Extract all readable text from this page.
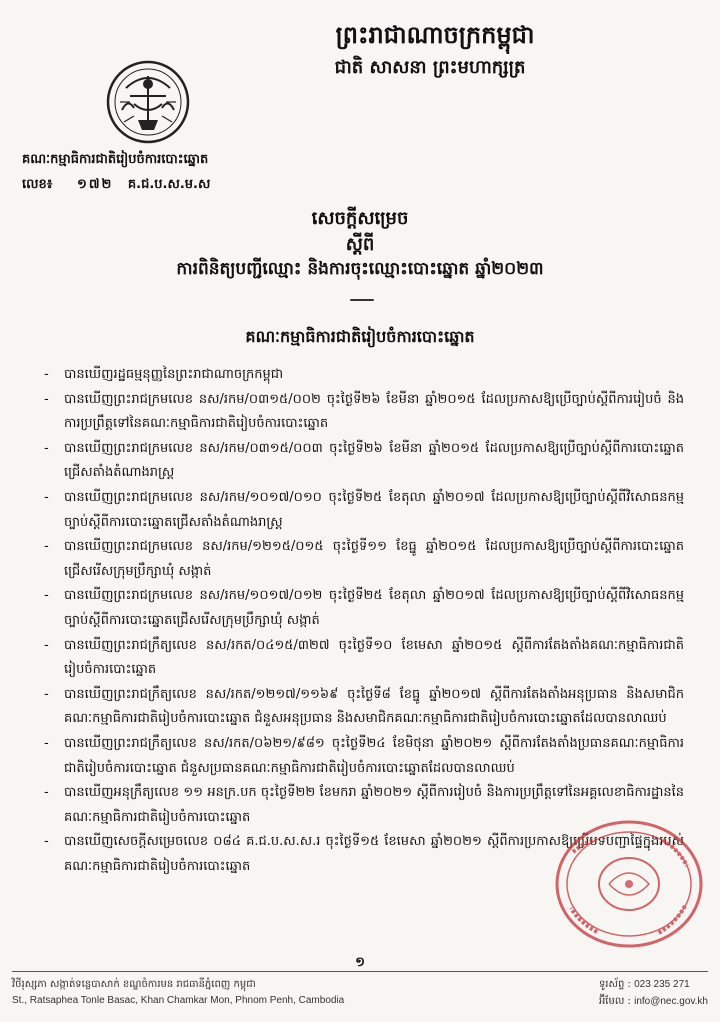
ព្រះរាជាណាចក្រកម្ពុជា
ជាតិ សាសនា ព្រះមហាក្សត្រ
គណៈកម្មាធិការជាតិរៀបចំការបោះឆ្នោត
លេខ៖ ១៧២ គ.ជ.ប.ស.ម.ស
សេចក្តីសម្រេច
ស្តីពី
ការពិនិត្យបញ្ជីឈ្មោះ និងការចុះឈ្មោះបោះឆ្នោត ឆ្នាំ២០២៣
គណៈកម្មាធិការជាតិរៀបចំការបោះឆ្នោត
- បានឃើញរដ្ឋធម្មនុញ្ញនៃព្រះរាជាណាចក្រកម្ពុជា
- បានឃើញព្រះរាជក្រមលេខ នស/រកម/០៣១៥/០០២ ចុះថ្ងៃទី២៦ ខែមីនា ឆ្នាំ២០១៥ ដែលប្រកាសឱ្យប្រើច្បាប់ស្តីពីការរៀបចំ និងការប្រព្រឹត្តទៅនៃគណៈកម្មាធិការជាតិរៀបចំការបោះឆ្នោត
- បានឃើញព្រះរាជក្រមលេខ នស/រកម/០៣១៥/០០៣ ចុះថ្ងៃទី២៦ ខែមីនា ឆ្នាំ២០១៥ ដែលប្រកាសឱ្យប្រើច្បាប់ស្តីពីការបោះឆ្នោតជ្រើសតាំងតំណាងរាស្ត្រ
- បានឃើញព្រះរាជក្រមលេខ នស/រកម/១០១៧/០១០ ចុះថ្ងៃទី២៥ ខែតុលា ឆ្នាំ២០១៧ ដែលប្រកាសឱ្យប្រើច្បាប់ស្តីពីវិសោធនកម្មច្បាប់ស្តីពីការបោះឆ្នោតជ្រើសតាំងតំណាងរាស្ត្រ
- បានឃើញព្រះរាជក្រមលេខ នស/រកម/១២១៥/០១៥ ចុះថ្ងៃទី១១ ខែធ្នូ ឆ្នាំ២០១៥ ដែលប្រកាសឱ្យប្រើច្បាប់ស្តីពីការបោះឆ្នោតជ្រើសរើសក្រុមប្រឹក្សាឃុំ សង្កាត់
- បានឃើញព្រះរាជក្រមលេខ នស/រកម/១០១៧/០១២ ចុះថ្ងៃទី២៥ ខែតុលា ឆ្នាំ២០១៧ ដែលប្រកាសឱ្យប្រើច្បាប់ស្តីពីវិសោធនកម្មច្បាប់ស្តីពីការបោះឆ្នោតជ្រើសរើសក្រុមប្រឹក្សាឃុំ សង្កាត់
- បានឃើញព្រះរាជក្រឹត្យលេខ នស/រកត/០៤១៥/៣២៧ ចុះថ្ងៃទី១០ ខែមេសា ឆ្នាំ២០១៥ ស្តីពីការតែងតាំងគណៈកម្មាធិការជាតិរៀបចំការបោះឆ្នោត
- បានឃើញព្រះរាជក្រឹត្យលេខ នស/រកត/១២១៧/១១៦៩ ចុះថ្ងៃទី៨ ខែធ្នូ ឆ្នាំ២០១៧ ស្តីពីការតែងតាំងអនុប្រធាន និងសមាជិកគណៈកម្មាធិការជាតិរៀបចំការបោះឆ្នោត ជំនួសអនុប្រធាន និងសមាជិកគណៈកម្មាធិការជាតិរៀបចំការបោះឆ្នោតដែលបានលាឈប់
- បានឃើញព្រះរាជក្រឹត្យលេខ នស/រកត/០៦២១/៩៨១ ចុះថ្ងៃទី២៤ ខែមិថុនា ឆ្នាំ២០២១ ស្តីពីការតែងតាំងប្រធានគណៈកម្មាធិការជាតិរៀបចំការបោះឆ្នោត ជំនួសប្រធានគណៈកម្មាធិការជាតិរៀបចំការបោះឆ្នោតដែលបានលាឈប់
- បានឃើញអនុក្រឹត្យលេខ ១១ អនក្រ.បក ចុះថ្ងៃទី២២ ខែមករា ឆ្នាំ២០២១ ស្តីពីការរៀបចំ និងការប្រព្រឹត្តទៅនៃអគ្គលេខាធិការដ្ឋាននៃគណៈកម្មាធិការជាតិរៀបចំការបោះឆ្នោត
- បានឃើញសេចក្តីសម្រេចលេខ ០៨៤ គ.ជ.ប.ស.ស.រ ចុះថ្ងៃទី១៥ ខែមេសា ឆ្នាំ២០២១ ស្តីពីការប្រកាសឱ្យប្រើបទបញ្ជាផ្ទៃក្នុងរបស់គណៈកម្មាធិការជាតិរៀបចំការបោះឆ្នោត
១
វិថីរុស្សភា សង្កាត់ទន្លេបាសាក់ ខណ្ឌចំការមន រាជធានីភ្នំពេញ កម្ពុជា
St., Ratsaphea Tonle Basac, Khan Chamkar Mon, Phnom Penh, Cambodia
ទូរស័ព្ទ : 023 235 271
អ៊ីមែល : info@nec.gov.kh
